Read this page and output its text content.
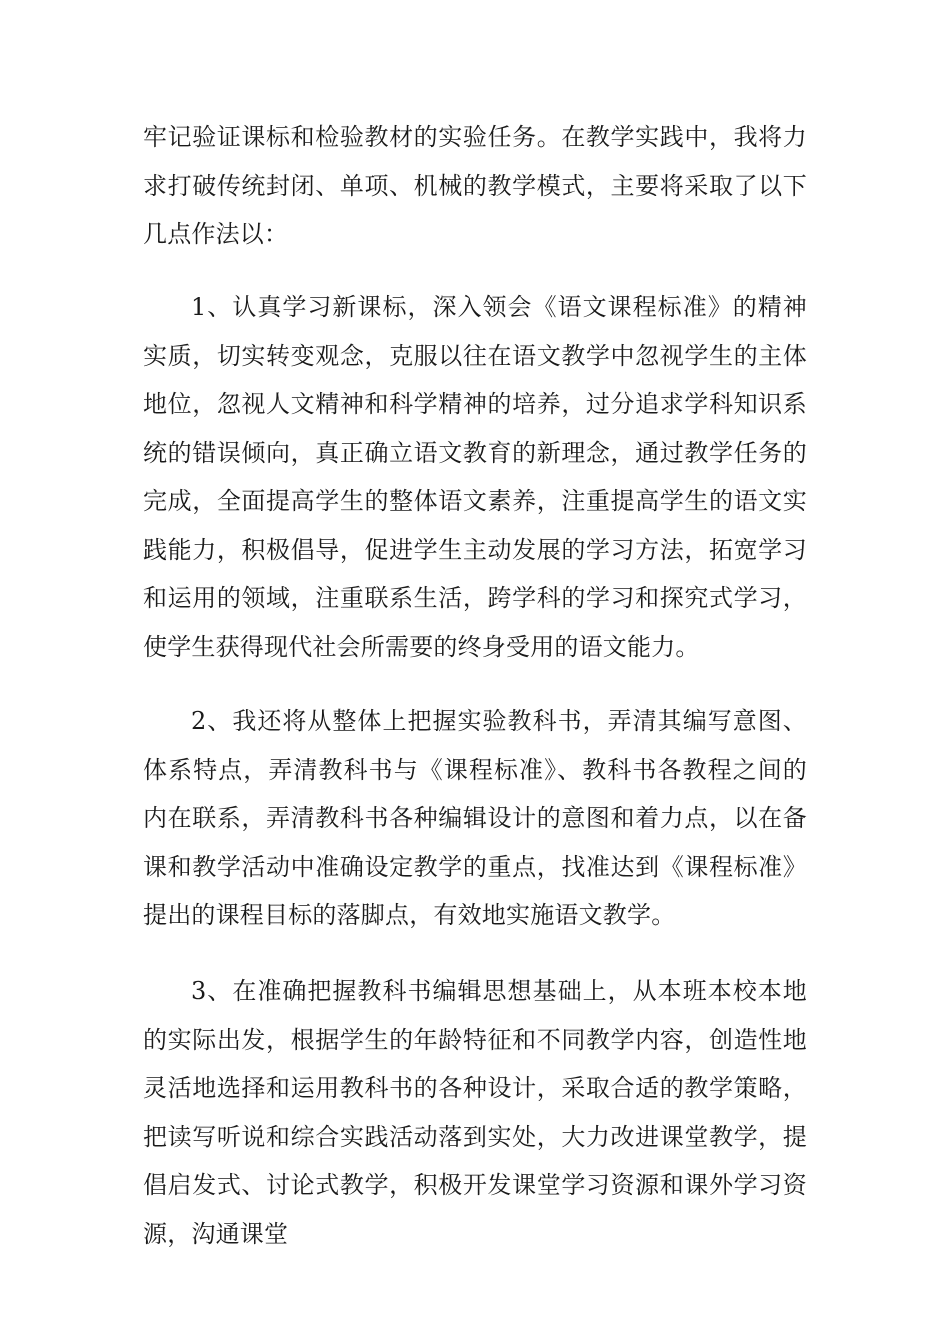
牢记验证课标和检验教材的实验任务。在教学实践中，我将力求打破传统封闭、单项、机械的教学模式，主要将采取了以下几点作法以：

1、认真学习新课标，深入领会《语文课程标准》的精神实质，切实转变观念，克服以往在语文教学中忽视学生的主体地位，忽视人文精神和科学精神的培养，过分追求学科知识系统的错误倾向，真正确立语文教育的新理念，通过教学任务的完成，全面提高学生的整体语文素养，注重提高学生的语文实践能力，积极倡导，促进学生主动发展的学习方法，拓宽学习和运用的领域，注重联系生活，跨学科的学习和探究式学习，使学生获得现代社会所需要的终身受用的语文能力。

2、我还将从整体上把握实验教科书，弄清其编写意图、体系特点，弄清教科书与《课程标准》、教科书各教程之间的内在联系，弄清教科书各种编辑设计的意图和着力点，以在备课和教学活动中准确设定教学的重点，找准达到《课程标准》提出的课程目标的落脚点，有效地实施语文教学。

3、在准确把握教科书编辑思想基础上，从本班本校本地的实际出发，根据学生的年龄特征和不同教学内容，创造性地灵活地选择和运用教科书的各种设计，采取合适的教学策略，把读写听说和综合实践活动落到实处，大力改进课堂教学，提倡启发式、讨论式教学，积极开发课堂学习资源和课外学习资源，沟通课堂
